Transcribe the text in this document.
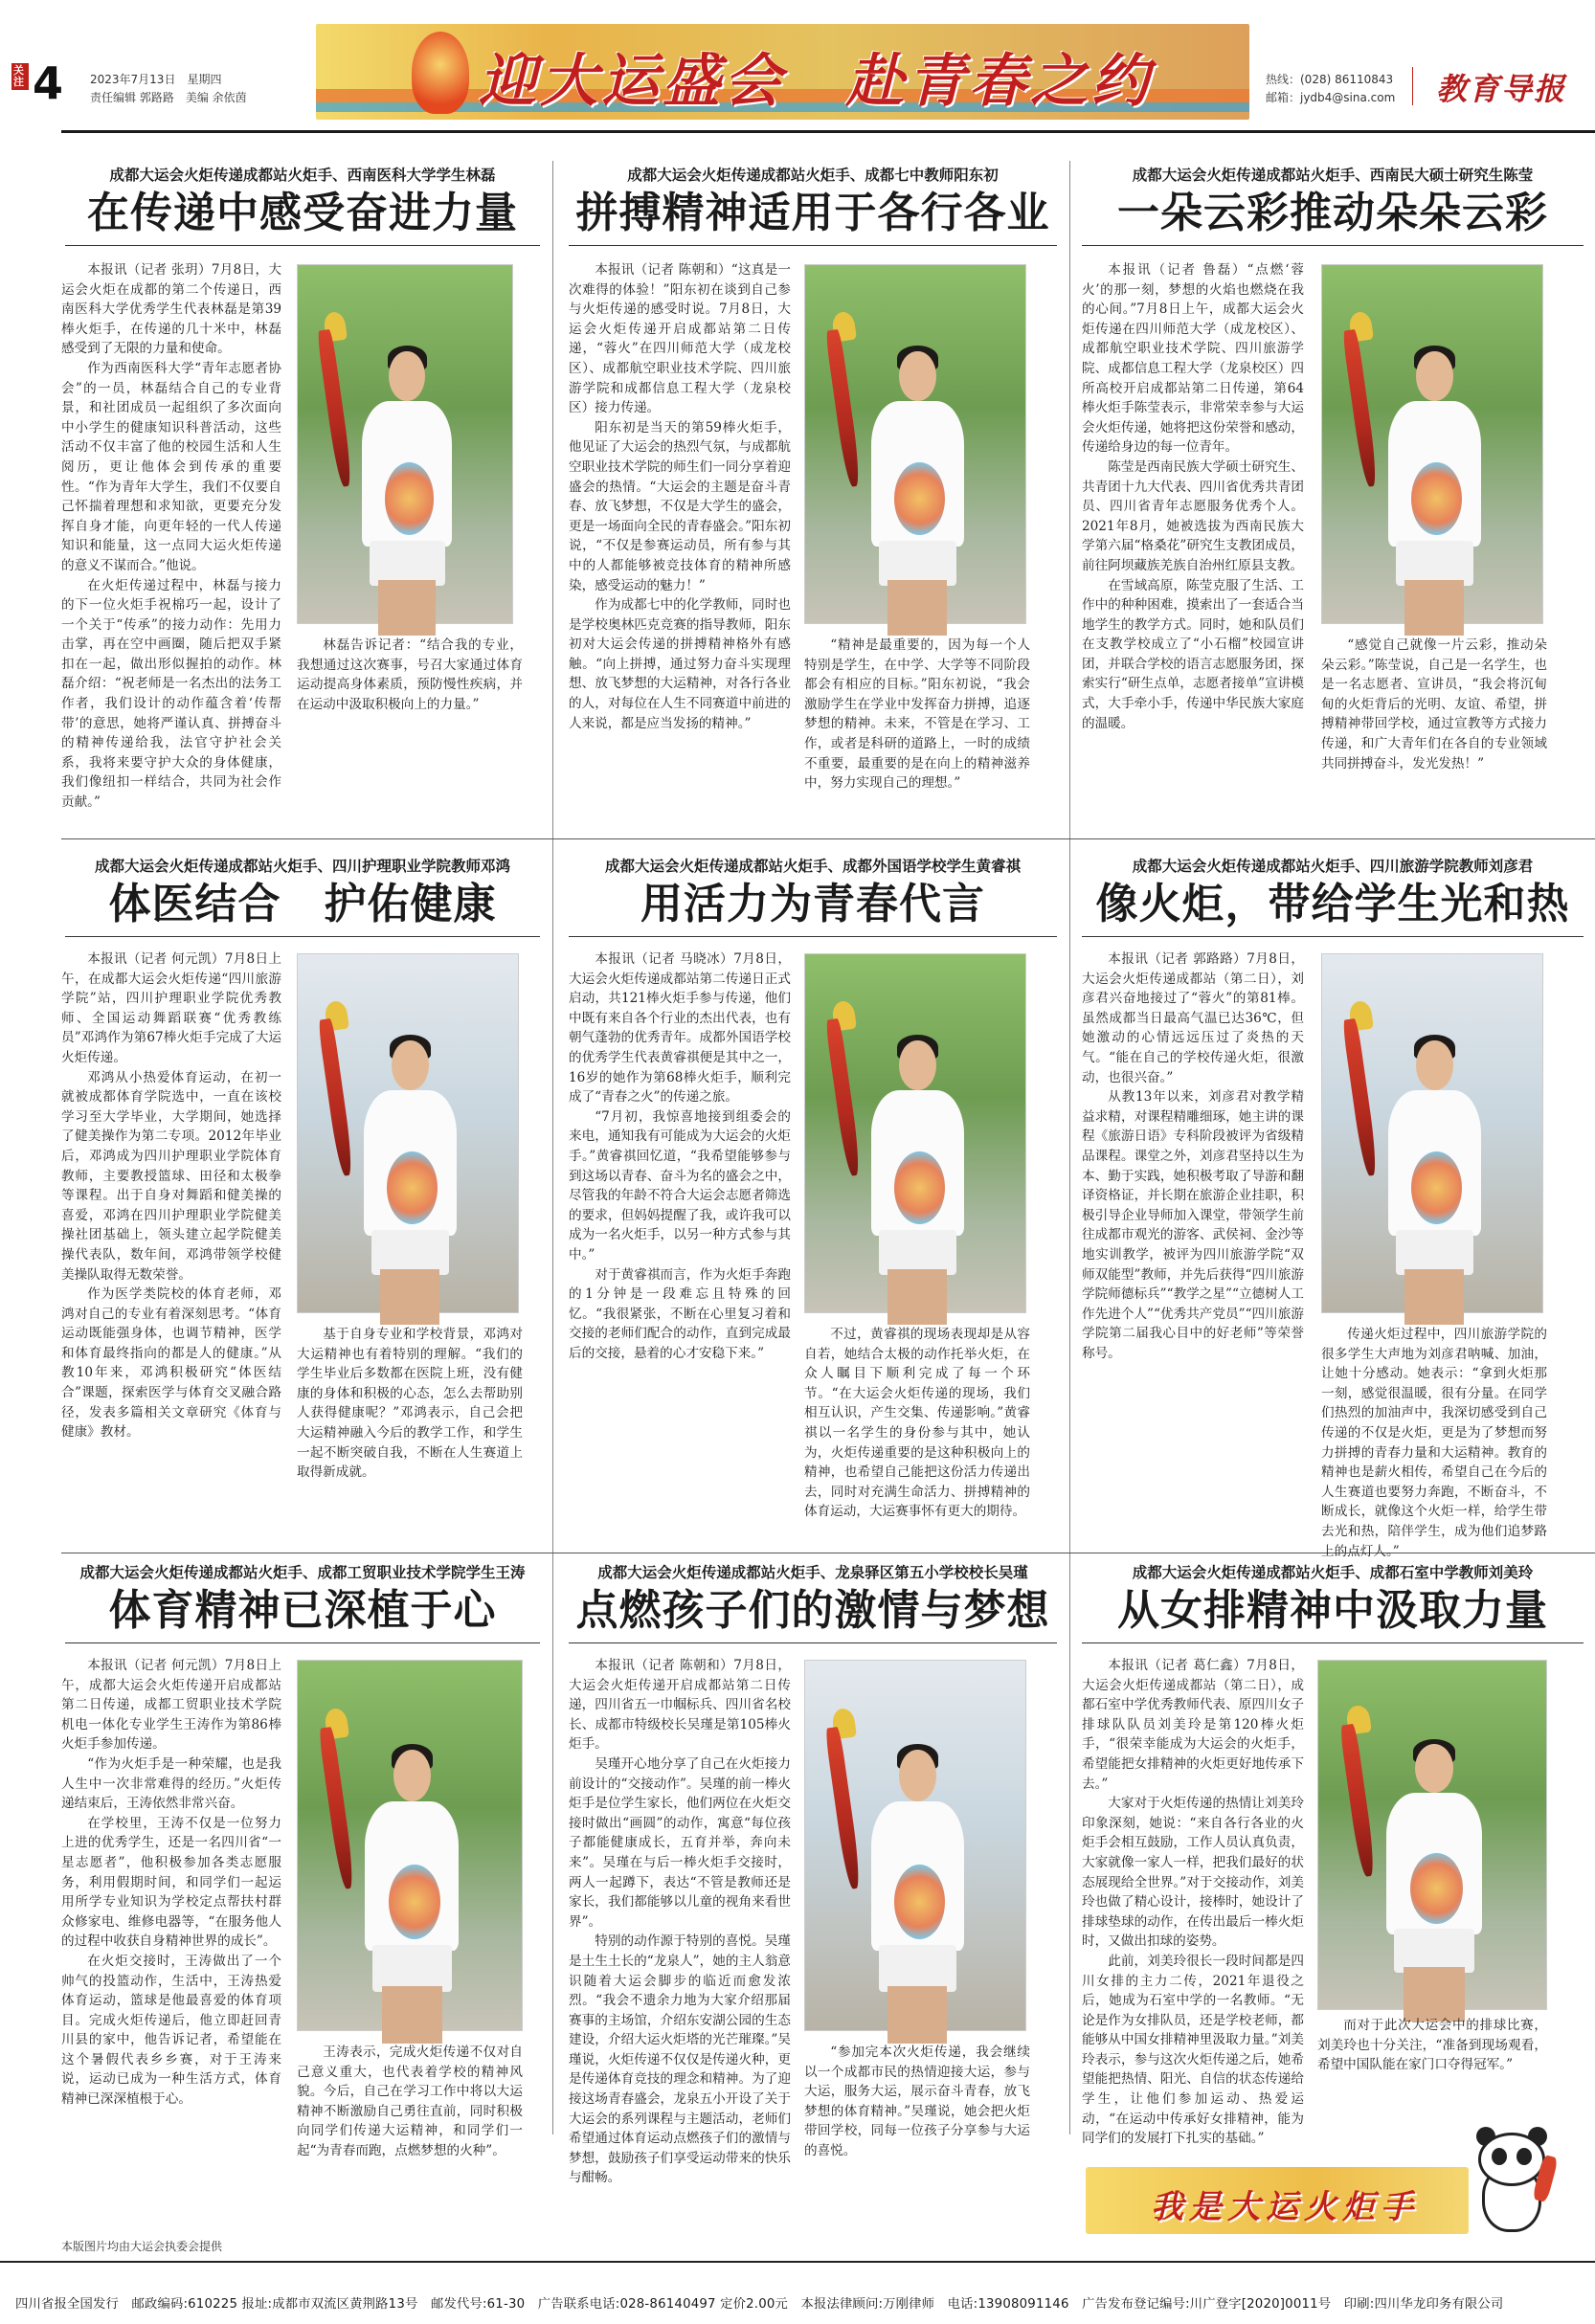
关注 4 2023年7月13日　星期四
责任编辑 郭路路　美编 余依茵	迎大运盛会　赴青春之约	热线：(028) 86110843
邮箱：jydb4@sina.com 教育导报
成都大运会火炬传递成都站火炬手、西南医科大学学生林磊
在传递中感受奋进力量

本报讯（记者 张玥）7月8日，大运会火炬在成都的第二个传递日，西南医科大学优秀学生代表林磊是第39棒火炬手，在传递的几十米中，林磊感受到了无限的力量和使命。

作为西南医科大学“青年志愿者协会”的一员，林磊结合自己的专业背景，和社团成员一起组织了多次面向中小学生的健康知识科普活动，这些活动不仅丰富了他的校园生活和人生阅历，更让他体会到传承的重要性。“作为青年大学生，我们不仅要自己怀揣着理想和求知欲，更要充分发挥自身才能，向更年轻的一代人传递知识和能量，这一点同大运火炬传递的意义不谋而合。”他说。

在火炬传递过程中，林磊与接力的下一位火炬手祝棉巧一起，设计了一个关于“传承”的接力动作：先用力击掌，再在空中画圈，随后把双手紧扣在一起，做出形似握拍的动作。林磊介绍：“祝老师是一名杰出的法务工作者，我们设计的动作蕴含着‘传帮带’的意思，她将严谨认真、拼搏奋斗的精神传递给我，法官守护社会关系，我将来要守护大众的身体健康，我们像纽扣一样结合，共同为社会作贡献。”

林磊告诉记者：“结合我的专业，我想通过这次赛事，号召大家通过体育运动提高身体素质，预防慢性疾病，并在运动中汲取积极向上的力量。”

成都大运会火炬传递成都站火炬手、成都七中教师阳东初
拼搏精神适用于各行各业

本报讯（记者 陈朝和）“这真是一次难得的体验！”阳东初在谈到自己参与火炬传递的感受时说。7月8日，大运会火炬传递开启成都站第二日传递，“蓉火”在四川师范大学（成龙校区）、成都航空职业技术学院、四川旅游学院和成都信息工程大学（龙泉校区）接力传递。

阳东初是当天的第59棒火炬手，他见证了大运会的热烈气氛，与成都航空职业技术学院的师生们一同分享着迎盛会的热情。“大运会的主题是奋斗青春、放飞梦想，不仅是大学生的盛会，更是一场面向全民的青春盛会。”阳东初说，“不仅是参赛运动员，所有参与其中的人都能够被竞技体育的精神所感染，感受运动的魅力！”

作为成都七中的化学教师，同时也是学校奥林匹克竞赛的指导教师，阳东初对大运会传递的拼搏精神格外有感触。“向上拼搏，通过努力奋斗实现理想、放飞梦想的大运精神，对各行各业的人，对每位在人生不同赛道中前进的人来说，都是应当发扬的精神。”

“精神是最重要的，因为每一个人特别是学生，在中学、大学等不同阶段都会有相应的目标。”阳东初说，“我会激励学生在学业中发挥奋力拼搏，追逐梦想的精神。未来，不管是在学习、工作，或者是科研的道路上，一时的成绩不重要，最重要的是在向上的精神滋养中，努力实现自己的理想。”

成都大运会火炬传递成都站火炬手、西南民大硕士研究生陈莹
一朵云彩推动朵朵云彩

本报讯（记者 鲁磊）“点燃‘蓉火’的那一刻，梦想的火焰也燃烧在我的心间。”7月8日上午，成都大运会火炬传递在四川师范大学（成龙校区）、成都航空职业技术学院、四川旅游学院、成都信息工程大学（龙泉校区）四所高校开启成都站第二日传递，第64棒火炬手陈莹表示，非常荣幸参与大运会火炬传递，她将把这份荣誉和感动，传递给身边的每一位青年。

陈莹是西南民族大学硕士研究生、共青团十九大代表、四川省优秀共青团员、四川省青年志愿服务优秀个人。2021年8月，她被选拔为西南民族大学第六届“格桑花”研究生支教团成员，前往阿坝藏族羌族自治州红原县支教。

在雪域高原，陈莹克服了生活、工作中的种种困难，摸索出了一套适合当地学生的教学方式。同时，她和队员们在支教学校成立了“小石榴”校园宣讲团，并联合学校的语言志愿服务团，探索实行“研生点单，志愿者接单”宣讲模式，大手牵小手，传递中华民族大家庭的温暖。

“感觉自己就像一片云彩，推动朵朵云彩。”陈莹说，自己是一名学生，也是一名志愿者、宣讲员，“我会将沉甸甸的火炬背后的光明、友谊、希望，拼搏精神带回学校，通过宣教等方式接力传递，和广大青年们在各自的专业领域共同拼搏奋斗，发光发热！”

成都大运会火炬传递成都站火炬手、四川护理职业学院教师邓鸿
体医结合　护佑健康

本报讯（记者 何元凯）7月8日上午，在成都大运会火炬传递“四川旅游学院”站，四川护理职业学院优秀教师、全国运动舞蹈联赛“优秀教练员”邓鸿作为第67棒火炬手完成了大运火炬传递。

邓鸿从小热爱体育运动，在初一就被成都体育学院选中，一直在该校学习至大学毕业，大学期间，她选择了健美操作为第二专项。2012年毕业后，邓鸿成为四川护理职业学院体育教师，主要教授篮球、田径和太极拳等课程。出于自身对舞蹈和健美操的喜爱，邓鸿在四川护理职业学院健美操社团基础上，领头建立起学院健美操代表队，数年间，邓鸿带领学校健美操队取得无数荣誉。

作为医学类院校的体育老师，邓鸿对自己的专业有着深刻思考。“体育运动既能强身体，也调节精神，医学和体育最终指向的都是人的健康。”从教10年来，邓鸿积极研究“体医结合”课题，探索医学与体育交叉融合路径，发表多篇相关文章研究《体育与健康》教材。

基于自身专业和学校背景，邓鸿对大运精神也有着特别的理解。“我们的学生毕业后多数都在医院上班，没有健康的身体和积极的心态，怎么去帮助别人获得健康呢？”邓鸿表示，自己会把大运精神融入今后的教学工作，和学生一起不断突破自我，不断在人生赛道上取得新成就。

成都大运会火炬传递成都站火炬手、成都外国语学校学生黄睿祺
用活力为青春代言

本报讯（记者 马晓冰）7月8日，大运会火炬传递成都站第二传递日正式启动，共121棒火炬手参与传递，他们中既有来自各个行业的杰出代表，也有朝气蓬勃的优秀青年。成都外国语学校的优秀学生代表黄睿祺便是其中之一，16岁的她作为第68棒火炬手，顺利完成了“青春之火”的传递之旅。

“7月初，我惊喜地接到组委会的来电，通知我有可能成为大运会的火炬手。”黄睿祺回忆道，“我希望能够参与到这场以青春、奋斗为名的盛会之中，尽管我的年龄不符合大运会志愿者筛选的要求，但妈妈提醒了我，或许我可以成为一名火炬手，以另一种方式参与其中。”

对于黄睿祺而言，作为火炬手奔跑的1分钟是一段难忘且特殊的回忆。“我很紧张，不断在心里复习着和交接的老师们配合的动作，直到完成最后的交接，悬着的心才安稳下来。”

不过，黄睿祺的现场表现却是从容自若，她结合太极的动作托举火炬，在众人瞩目下顺利完成了每一个环节。“在大运会火炬传递的现场，我们相互认识，产生交集、传递影响。”黄睿祺以一名学生的身份参与其中，她认为，火炬传递重要的是这种积极向上的精神，也希望自己能把这份活力传递出去，同时对充满生命活力、拼搏精神的体育运动，大运赛事怀有更大的期待。

成都大运会火炬传递成都站火炬手、四川旅游学院教师刘彦君
像火炬，带给学生光和热

本报讯（记者 郭路路）7月8日，大运会火炬传递成都站（第二日），刘彦君兴奋地接过了“蓉火”的第81棒。虽然成都当日最高气温已达36℃，但她激动的心情远远压过了炎热的天气。“能在自己的学校传递火炬，很激动，也很兴奋。”

从教13年以来，刘彦君对教学精益求精，对课程精雕细琢，她主讲的课程《旅游日语》专科阶段被评为省级精品课程。课堂之外，刘彦君坚持以生为本、勤于实践，她积极考取了导游和翻译资格证，并长期在旅游企业挂职，积极引导企业导师加入课堂，带领学生前往成都市观光的游客、武侯祠、金沙等地实训教学，被评为四川旅游学院“双师双能型”教师，并先后获得“四川旅游学院师德标兵”“教学之星”“立德树人工作先进个人”“优秀共产党员”“四川旅游学院第二届我心目中的好老师”等荣誉称号。

传递火炬过程中，四川旅游学院的很多学生大声地为刘彦君呐喊、加油，让她十分感动。她表示：“拿到火炬那一刻，感觉很温暖，很有分量。在同学们热烈的加油声中，我深切感受到自己传递的不仅是火炬，更是为了梦想而努力拼搏的青春力量和大运精神。教育的精神也是薪火相传，希望自己在今后的人生赛道也要努力奔跑，不断奋斗，不断成长，就像这个火炬一样，给学生带去光和热，陪伴学生，成为他们追梦路上的点灯人。”

成都大运会火炬传递成都站火炬手、成都工贸职业技术学院学生王涛
体育精神已深植于心

本报讯（记者 何元凯）7月8日上午，成都大运会火炬传递开启成都站第二日传递，成都工贸职业技术学院机电一体化专业学生王涛作为第86棒火炬手参加传递。

“作为火炬手是一种荣耀，也是我人生中一次非常难得的经历。”火炬传递结束后，王涛依然非常兴奋。

在学校里，王涛不仅是一位努力上进的优秀学生，还是一名四川省“一星志愿者”，他积极参加各类志愿服务，利用假期时间，和同学们一起运用所学专业知识为学校定点帮扶村群众修家电、维修电器等，“在服务他人的过程中收获自身精神世界的成长”。

在火炬交接时，王涛做出了一个帅气的投篮动作，生活中，王涛热爱体育运动，篮球是他最喜爱的体育项目。完成火炬传递后，他立即赶回青川县的家中，他告诉记者，希望能在这个暑假代表乡乡赛，对于王涛来说，运动已成为一种生活方式，体育精神已深深植根于心。

王涛表示，完成火炬传递不仅对自己意义重大，也代表着学校的精神风貌。今后，自己在学习工作中将以大运精神不断激励自己勇往直前，同时积极向同学们传递大运精神，和同学们一起“为青春而跑，点燃梦想的火种”。

成都大运会火炬传递成都站火炬手、龙泉驿区第五小学校校长吴瑾
点燃孩子们的激情与梦想

本报讯（记者 陈朝和）7月8日，大运会火炬传递开启成都站第二日传递，四川省五一巾帼标兵、四川省名校长、成都市特级校长吴瑾是第105棒火炬手。

吴瑾开心地分享了自己在火炬接力前设计的“交接动作”。吴瑾的前一棒火炬手是位学生家长，他们两位在火炬交接时做出“画圆”的动作，寓意“每位孩子都能健康成长，五育并举，奔向未来”。吴瑾在与后一棒火炬手交接时，两人一起蹲下，表达“不管是教师还是家长，我们都能够以儿童的视角来看世界”。

特别的动作源于特别的喜悦。吴瑾是土生土长的“龙泉人”，她的主人翁意识随着大运会脚步的临近而愈发浓烈。“我会不遗余力地为大家介绍那届赛事的主场馆，介绍东安湖公园的生态建设，介绍大运火炬塔的光芒璀璨。”吴瑾说，火炬传递不仅仅是传递火种，更是传递体育竞技的理念和精神。为了迎接这场青春盛会，龙泉五小开设了关于大运会的系列课程与主题活动，老师们希望通过体育运动点燃孩子们的激情与梦想，鼓励孩子们享受运动带来的快乐与酣畅。

“参加完本次火炬传递，我会继续以一个成都市民的热情迎接大运，参与大运，服务大运，展示奋斗青春，放飞梦想的体育精神。”吴瑾说，她会把火炬带回学校，同每一位孩子分享参与大运的喜悦。

成都大运会火炬传递成都站火炬手、成都石室中学教师刘美玲
从女排精神中汲取力量

本报讯（记者 葛仁鑫）7月8日，大运会火炬传递成都站（第二日），成都石室中学优秀教师代表、原四川女子排球队队员刘美玲是第120棒火炬手，“很荣幸能成为大运会的火炬手，希望能把女排精神的火炬更好地传承下去。”

大家对于火炬传递的热情让刘美玲印象深刻，她说：“来自各行各业的火炬手会相互鼓励，工作人员认真负责，大家就像一家人一样，把我们最好的状态展现给全世界。”对于交接动作，刘美玲也做了精心设计，接棒时，她设计了排球垫球的动作，在传出最后一棒火炬时，又做出扣球的姿势。

此前，刘美玲很长一段时间都是四川女排的主力二传，2021年退役之后，她成为石室中学的一名教师。“无论是作为女排队员，还是学校老师，都能够从中国女排精神里汲取力量。”刘美玲表示，参与这次火炬传递之后，她希望能把热情、阳光、自信的状态传递给学生，让他们参加运动、热爱运动，“在运动中传承好女排精神，能为同学们的发展打下扎实的基础。”

而对于此次大运会中的排球比赛，刘美玲也十分关注，“准备到现场观看，希望中国队能在家门口夺得冠军。”

我是大运火炬手
本版图片均由大运会执委会提供
四川省报全国发行　邮政编码:610225 报址:成都市双流区黄荆路13号　邮发代号:61-30　广告联系电话:028-86140497 定价2.00元　本报法律顾问:万刚律师　电话:13908091146　广告发布登记编号:川广登字[2020]0011号　印刷:四川华龙印务有限公司
